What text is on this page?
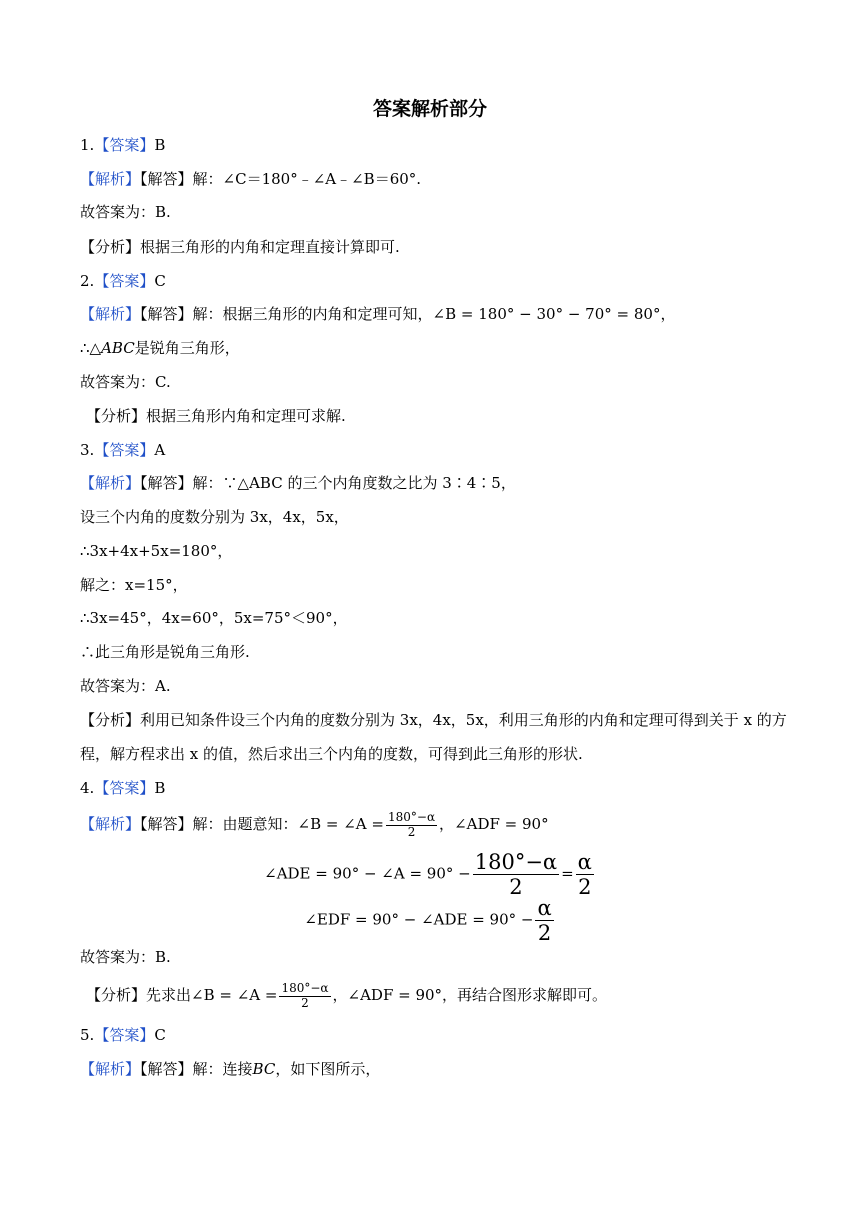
答案解析部分
1.【答案】B
【解析】【解答】解：∠C＝180°﹣∠A﹣∠B＝60°.
故答案为：B.
【分析】根据三角形的内角和定理直接计算即可.
2.【答案】C
【解析】【解答】解：根据三角形的内角和定理可知，∠B = 180° − 30° − 70° = 80°，
∴△ABC是锐角三角形，
故答案为：C.
【分析】根据三角形内角和定理可求解.
3.【答案】A
【解析】【解答】解：∵△ABC 的三个内角度数之比为 3∶4∶5，
设三个内角的度数分别为 3x，4x，5x，
∴3x+4x+5x=180°，
解之：x=15°，
∴3x=45°，4x=60°，5x=75°＜90°，
∴此三角形是锐角三角形.
故答案为：A.
【分析】利用已知条件设三个内角的度数分别为 3x，4x，5x，利用三角形的内角和定理可得到关于 x 的方
程，解方程求出 x 的值，然后求出三个内角的度数，可得到此三角形的形状.
4.【答案】B
【解析】【解答】解：由题意知：∠B = ∠A = $\frac{180^\circ-\alpha}{2}$ ，∠ADF = 90°
∠ADE = 90° − ∠A = $90^\circ - \frac{180^\circ-\alpha}{2} = \frac{\alpha}{2}$
∠EDF = 90° − ∠ADE = $90^\circ - \frac{\alpha}{2}$
故答案为：B.
【分析】先求出∠B = ∠A = $\frac{180^\circ-\alpha}{2}$ ，∠ADF = 90°，再结合图形求解即可。
5.【答案】C
【解析】【解答】解：连接BC，如下图所示，
